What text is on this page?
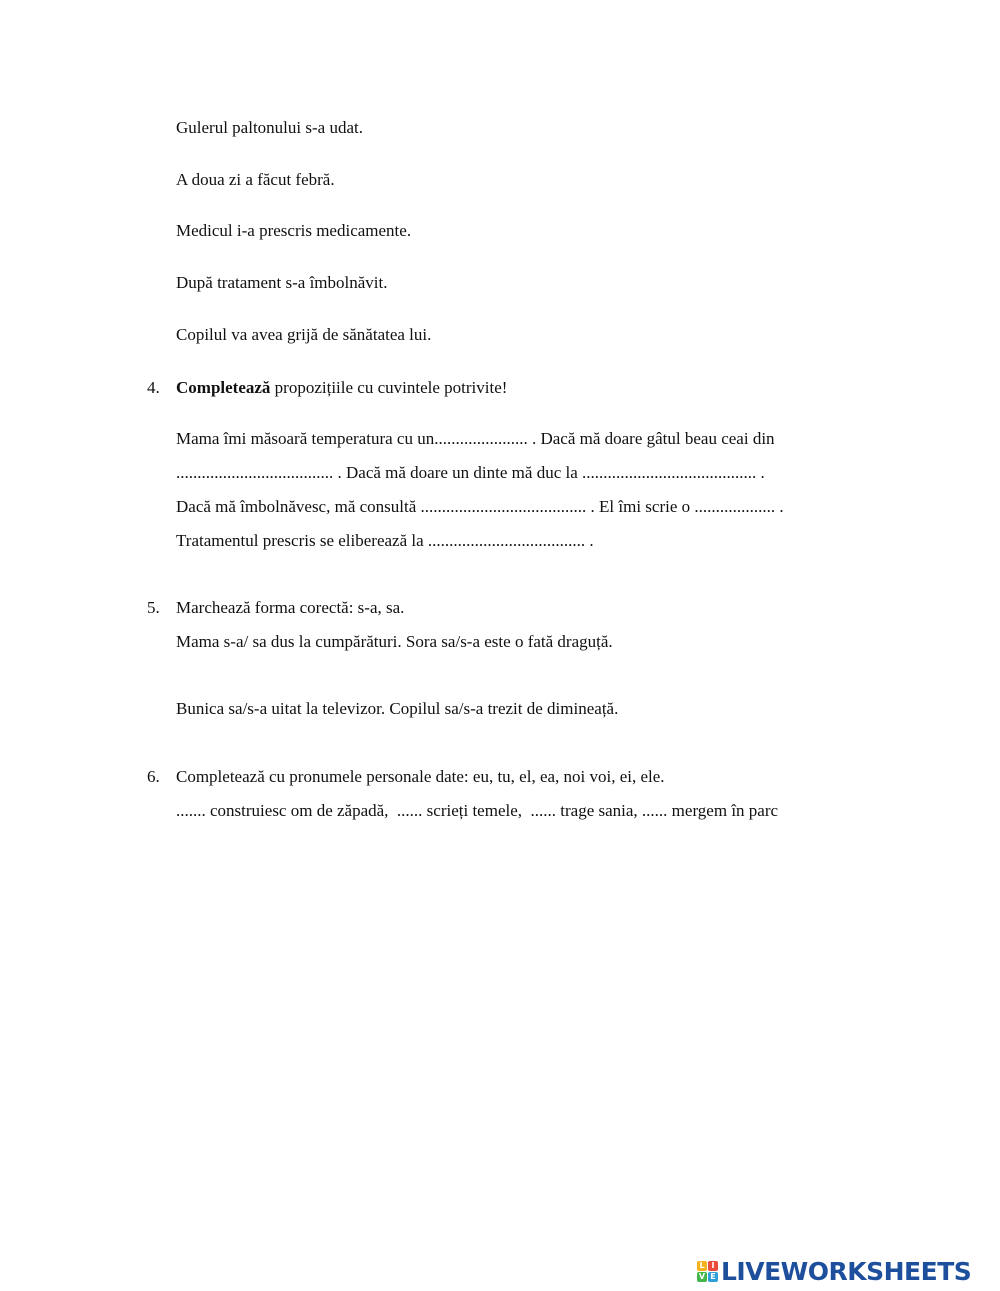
Gulerul paltonului s-a udat.
A doua zi a făcut febră.
Medicul i-a prescris medicamente.
După tratament s-a îmbolnăvit.
Copilul va avea grijă de sănătatea lui.
4. Completează propozițiile cu cuvintele potrivite!
Mama îmi măsoară temperatura cu un...................... . Dacă mă doare gâtul beau ceai din
..................................... . Dacă mă doare un dinte mă duc la ......................................... .
Dacă mă îmbolnăvesc, mă consultă ....................................... . El îmi scrie o ................... .
Tratamentul prescris se eliberează la ..................................... .
5. Marchează forma corectă: s-a, sa.
Mama s-a/ sa dus la cumpărături. Sora sa/s-a este o fată draguță.
Bunica sa/s-a uitat la televizor. Copilul sa/s-a trezit de dimineață.
6. Completează cu pronumele personale date: eu, tu, el, ea, noi voi, ei, ele.
....... construiesc om de zăpadă,  ...... scrieți temele,  ...... trage sania, ...... mergem în parc
L I
V E LIVEWORKSHEETS
